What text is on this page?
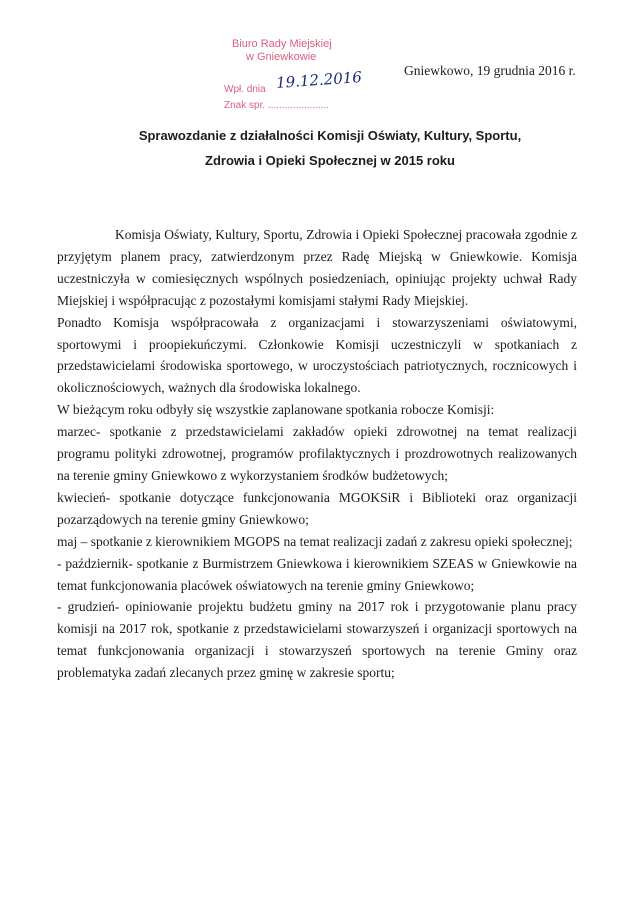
Biuro Rady Miejskiej
w Gniewkowie
Wpł. dnia 19.12.2016
Znak spr. ......................
Gniewkowo, 19 grudnia 2016 r.
Sprawozdanie z działalności Komisji Oświaty, Kultury, Sportu,
Zdrowia i Opieki Społecznej w 2015 roku

Komisja Oświaty, Kultury, Sportu, Zdrowia i Opieki Społecznej pracowała zgodnie z przyjętym planem pracy, zatwierdzonym przez Radę Miejską w Gniewkowie. Komisja uczestniczyła w comiesięcznych wspólnych posiedzeniach, opiniując projekty uchwał Rady Miejskiej i współpracując z pozostałymi komisjami stałymi Rady Miejskiej.

Ponadto Komisja współpracowała z organizacjami i stowarzyszeniami oświatowymi, sportowymi i proopiekuńczymi. Członkowie Komisji uczestniczyli w spotkaniach z przedstawicielami środowiska sportowego, w uroczystościach patriotycznych, rocznicowych i okolicznościowych, ważnych dla środowiska lokalnego.

W bieżącym roku odbyły się wszystkie zaplanowane spotkania robocze Komisji:

marzec- spotkanie z przedstawicielami zakładów opieki zdrowotnej na temat realizacji programu polityki zdrowotnej, programów profilaktycznych i prozdrowotnych realizowanych na terenie gminy Gniewkowo z wykorzystaniem środków budżetowych;

kwiecień- spotkanie dotyczące funkcjonowania MGOKSiR i Biblioteki oraz organizacji pozarządowych na terenie gminy Gniewkowo;

maj – spotkanie z kierownikiem MGOPS na temat realizacji zadań z zakresu opieki społecznej;

- październik- spotkanie z Burmistrzem Gniewkowa i kierownikiem SZEAS w Gniewkowie na temat funkcjonowania placówek oświatowych na terenie gminy Gniewkowo;

- grudzień- opiniowanie projektu budżetu gminy na 2017 rok i przygotowanie planu pracy komisji na 2017 rok, spotkanie z przedstawicielami stowarzyszeń i organizacji sportowych na temat funkcjonowania organizacji i stowarzyszeń sportowych na terenie Gminy oraz problematyka zadań zlecanych przez gminę w zakresie sportu;
